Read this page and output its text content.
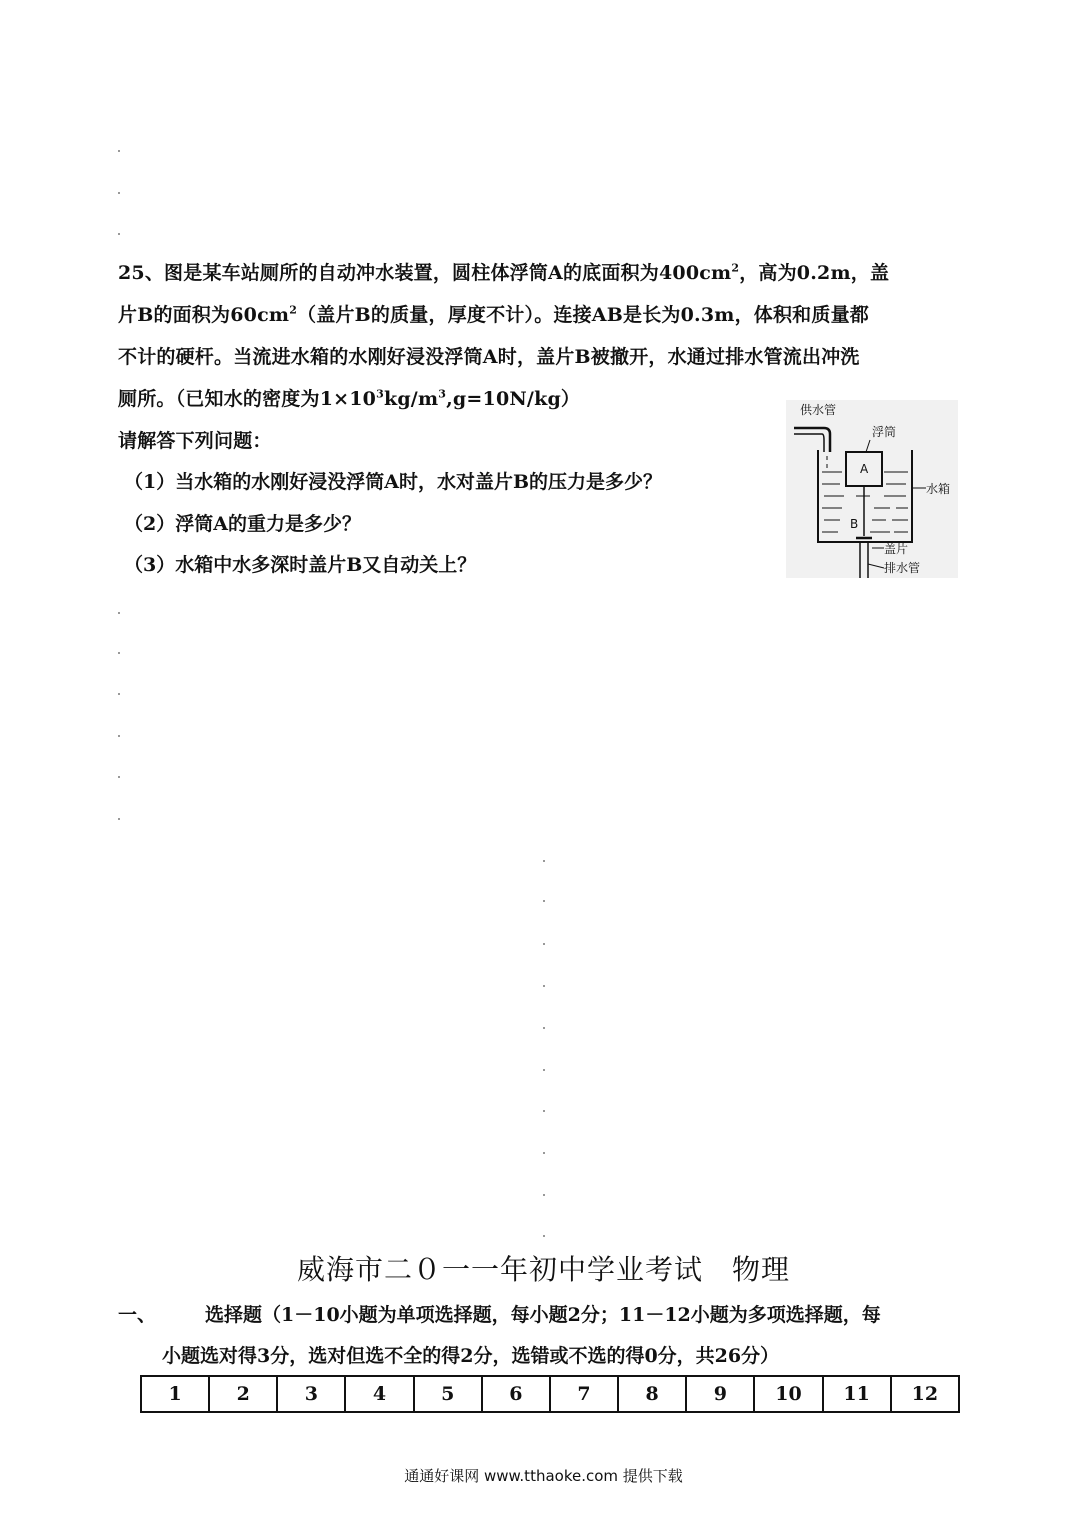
25、图是某车站厕所的自动冲水装置，圆柱体浮筒A的底面积为$400cm^2$，高为0.2m，盖
片B的面积为$60cm^2$（盖片B的质量，厚度不计）。连接AB是长为0.3m，体积和质量都
不计的硬杆。当流进水箱的水刚好浸没浮筒A时，盖片B被撤开，水通过排水管流出冲洗
厕所。（已知水的密度为$1\times 10^3kg/m^3,g=10N/kg$）
请解答下列问题：
（1）当水箱的水刚好浸没浮筒A时，水对盖片B的压力是多少？
（2）浮筒A的重力是多少？
（3）水箱中水多深时盖片B又自动关上？
供水管
A
浮筒
B
水箱
盖片
排水管
威海市二０一一年初中学业考试　物理
一、	选择题（1－10小题为单项选择题，每小题2分；11－12小题为多项选择题，每
小题选对得3分，选对但选不全的得2分，选错或不选的得0分，共26分）
1	2	3	4	5	6	7	8	9	10	11	12
通通好课网 www.tthaoke.com 提供下载
